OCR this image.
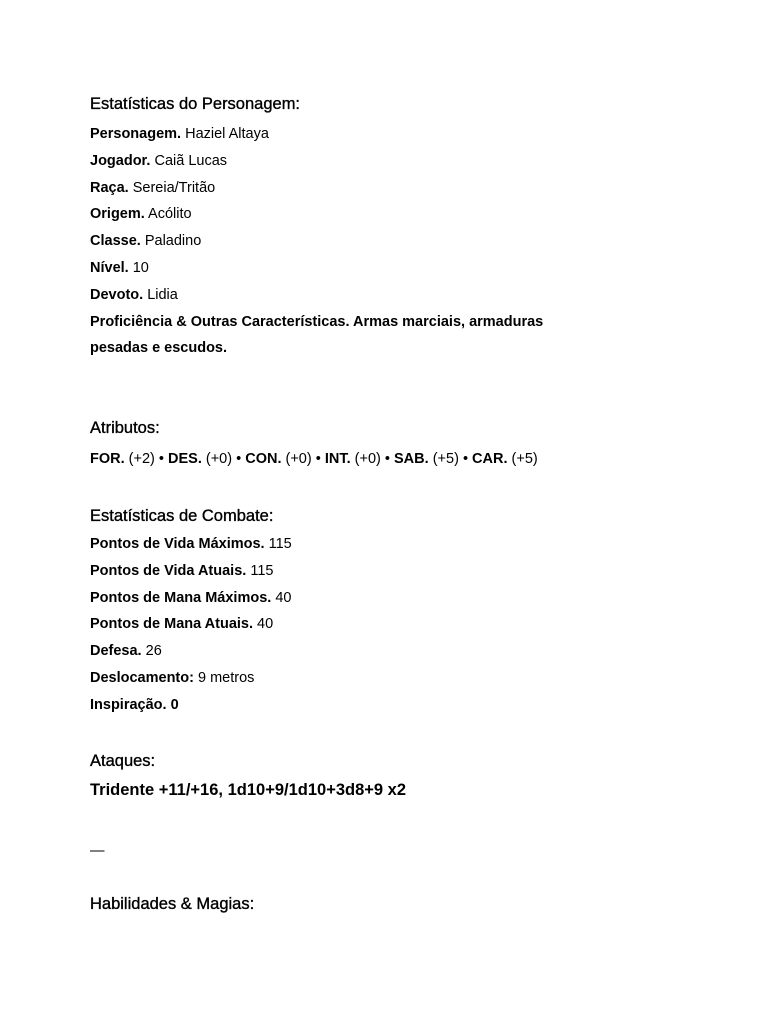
Estatísticas do Personagem:

Personagem. Haziel Altaya

Jogador. Caiã Lucas

Raça. Sereia/Tritão

Origem. Acólito

Classe. Paladino

Nível. 10

Devoto. Lidia

Proficiência & Outras Características. Armas marciais, armaduras

pesadas e escudos.

Atributos:

FOR. (+2) • DES. (+0) • CON. (+0) • INT. (+0) • SAB. (+5) • CAR. (+5)

Estatísticas de Combate:

Pontos de Vida Máximos. 115

Pontos de Vida Atuais. 115

Pontos de Mana Máximos. 40

Pontos de Mana Atuais. 40

Defesa. 26

Deslocamento: 9 metros

Inspiração. 0

Ataques:

Tridente +11/+16, 1d10+9/1d10+3d8+9 x2

—

Habilidades & Magias:
